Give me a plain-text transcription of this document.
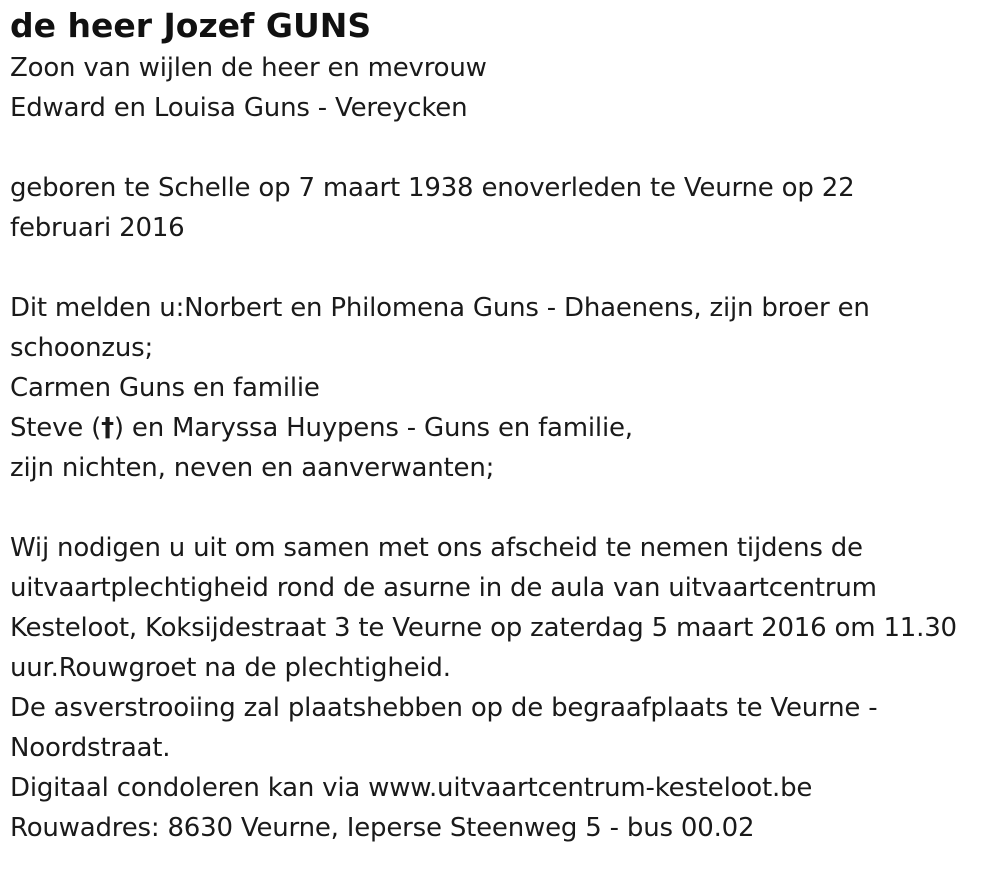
de heer Jozef GUNS
Zoon van wijlen de heer en mevrouw
Edward en Louisa Guns - Vereycken
geboren te Schelle op 7 maart 1938 enoverleden te Veurne op 22
februari 2016
Dit melden u:Norbert en Philomena Guns - Dhaenens, zijn broer en
schoonzus;
Carmen Guns en familie
Steve (†) en Maryssa Huypens - Guns en familie,
zijn nichten, neven en aanverwanten;
Wij nodigen u uit om samen met ons afscheid te nemen tijdens de
uitvaartplechtigheid rond de asurne in de aula van uitvaartcentrum
Kesteloot, Koksijdestraat 3 te Veurne op zaterdag 5 maart 2016 om 11.30
uur.Rouwgroet na de plechtigheid.
De asverstrooiing zal plaatshebben op de begraafplaats te Veurne -
Noordstraat.
Digitaal condoleren kan via www.uitvaartcentrum-kesteloot.be
Rouwadres: 8630 Veurne, Ieperse Steenweg 5 - bus 00.02
